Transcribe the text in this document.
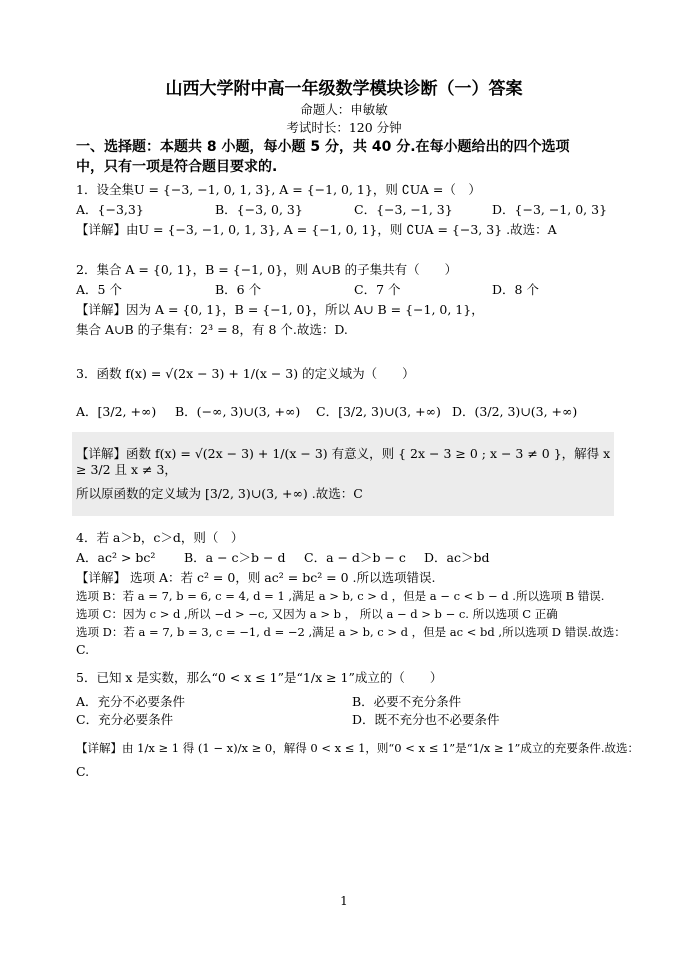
山西大学附中高一年级数学模块诊断（一）答案
命题人：申敏敏
考试时长：120 分钟
一、选择题：本题共 8 小题，每小题 5 分，共 40 分.在每小题给出的四个选项
中，只有一项是符合题目要求的.
1．设全集U = {−3, −1, 0, 1, 3}, A = {−1, 0, 1}，则 ∁UA =（　）
A．{−3,3}	B．{−3, 0, 3}	C．{−3, −1, 3}	D．{−3, −1, 0, 3}
【详解】由U = {−3, −1, 0, 1, 3}, A = {−1, 0, 1}，则 ∁UA = {−3, 3} .故选：A
2．集合 A = {0, 1}，B = {−1, 0}，则 A∪B 的子集共有（　　）
A．5 个	B．6 个	C．7 个	D．8 个
【详解】因为 A = {0, 1}，B = {−1, 0}，所以 A∪ B = {−1, 0, 1}，
集合 A∪B 的子集有：2³ = 8，有 8 个.故选：D.
3．函数 f(x) = √(2x − 3) + 1/(x − 3) 的定义域为（　　）
A．[3/2, +∞) B．(−∞, 3)∪(3, +∞) C．[3/2, 3)∪(3, +∞) D．(3/2, 3)∪(3, +∞)
【详解】函数 f(x) = √(2x − 3) + 1/(x − 3) 有意义，则 { 2x − 3 ≥ 0 ; x − 3 ≠ 0 }，解得 x ≥ 3/2 且 x ≠ 3，
所以原函数的定义域为 [3/2, 3)∪(3, +∞) .故选：C
4．若 a＞b，c＞d，则（　）
A．ac² > bc² B．a − c＞b − d C．a − d＞b − c D．ac＞bd
【详解】 选项 A：若 c² = 0，则 ac² = bc² = 0 .所以选项错误.
选项 B：若 a = 7, b = 6, c = 4, d = 1 ,满足 a > b, c > d ，但是 a − c < b − d .所以选项 B 错误.
选项 C：因为 c > d ,所以 −d > −c, 又因为 a > b ， 所以 a − d > b − c. 所以选项 C 正确
选项 D：若 a = 7, b = 3, c = −1, d = −2 ,满足 a > b, c > d ，但是 ac < bd ,所以选项 D 错误.故选：
C.
5．已知 x 是实数，那么“0 < x ≤ 1”是“1/x ≥ 1”成立的（　　）
A．充分不必要条件	B．必要不充分条件
C．充分必要条件	D．既不充分也不必要条件
【详解】由 1/x ≥ 1 得 (1 − x)/x ≥ 0，解得 0 < x ≤ 1，则“0 < x ≤ 1”是“1/x ≥ 1”成立的充要条件.故选：
C.
1
